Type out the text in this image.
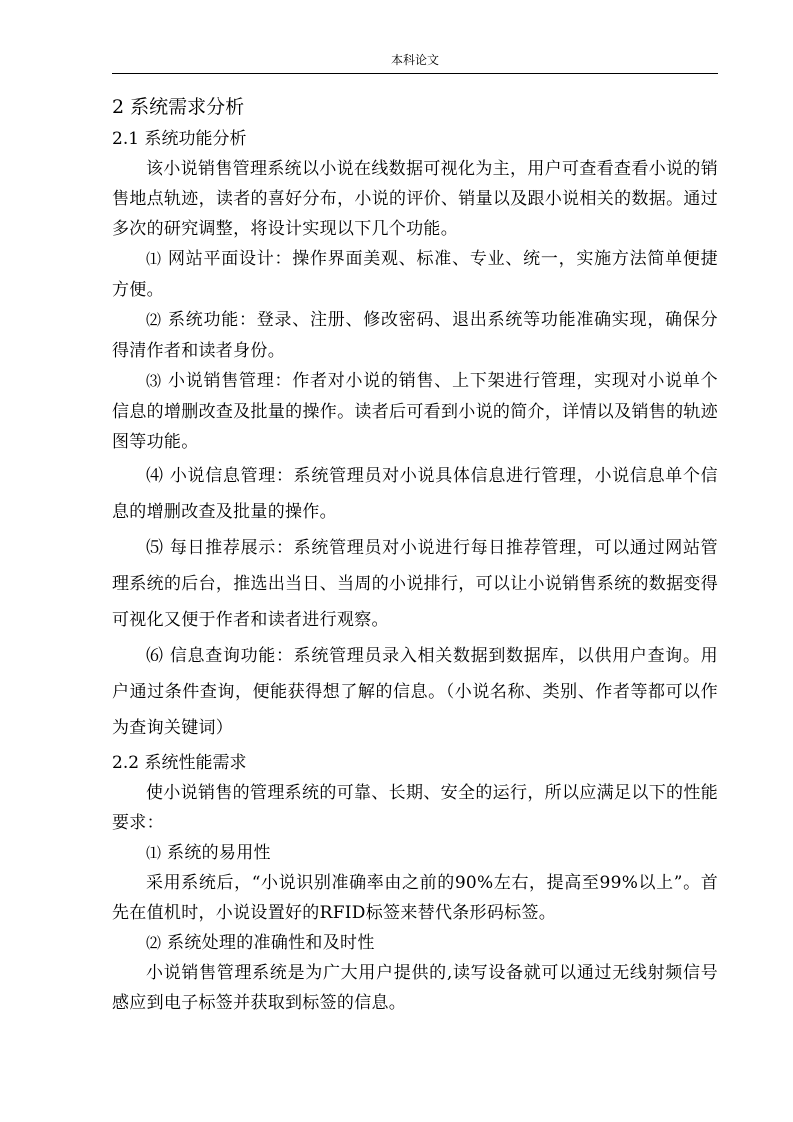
本科论文
2 系统需求分析
2.1 系统功能分析

该小说销售管理系统以小说在线数据可视化为主，用户可查看查看小说的销售地点轨迹，读者的喜好分布，小说的评价、销量以及跟小说相关的数据。通过多次的研究调整，将设计实现以下几个功能。

⑴ 网站平面设计：操作界面美观、标准、专业、统一，实施方法简单便捷方便。

⑵ 系统功能：登录、注册、修改密码、退出系统等功能准确实现，确保分得清作者和读者身份。

⑶ 小说销售管理：作者对小说的销售、上下架进行管理，实现对小说单个信息的增删改查及批量的操作。读者后可看到小说的简介，详情以及销售的轨迹图等功能。

⑷ 小说信息管理：系统管理员对小说具体信息进行管理，小说信息单个信息的增删改查及批量的操作。

⑸ 每日推荐展示：系统管理员对小说进行每日推荐管理，可以通过网站管理系统的后台，推选出当日、当周的小说排行，可以让小说销售系统的数据变得可视化又便于作者和读者进行观察。

⑹ 信息查询功能：系统管理员录入相关数据到数据库，以供用户查询。用户通过条件查询，便能获得想了解的信息。（小说名称、类别、作者等都可以作为查询关键词）

2.2 系统性能需求

使小说销售的管理系统的可靠、长期、安全的运行，所以应满足以下的性能要求：

⑴ 系统的易用性

采用系统后，“小说识别准确率由之前的90%左右，提高至99%以上”。首先在值机时，小说设置好的RFID标签来替代条形码标签。

⑵ 系统处理的准确性和及时性

小说销售管理系统是为广大用户提供的,读写设备就可以通过无线射频信号感应到电子标签并获取到标签的信息。
